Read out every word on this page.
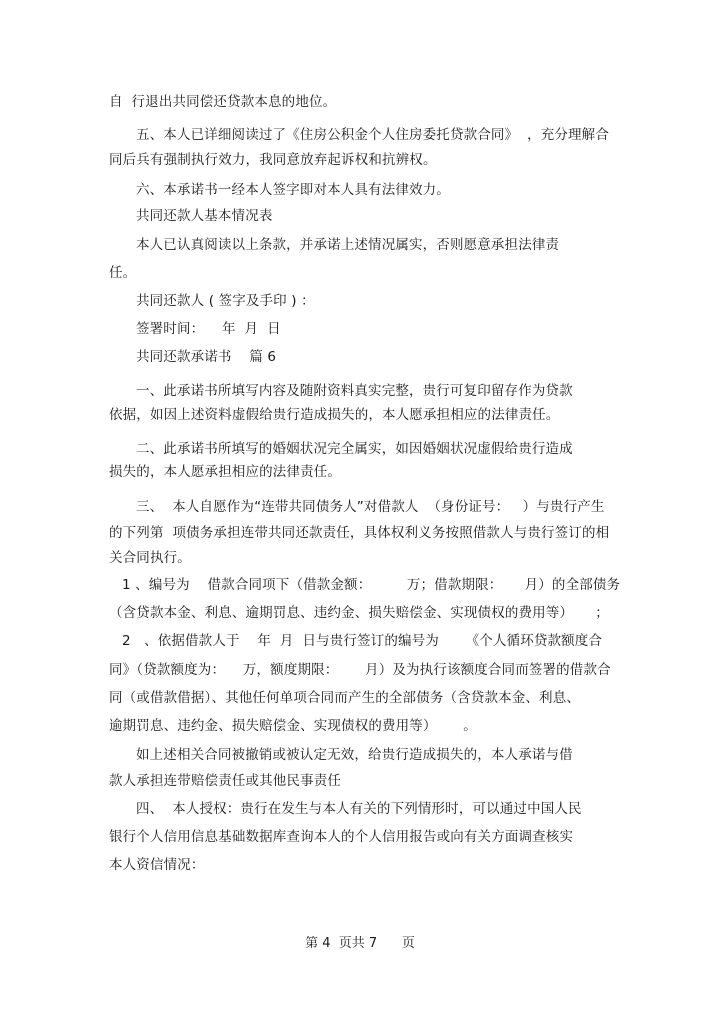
自  行退出共同偿还贷款本息的地位。
五、本人已详细阅读过了《住房公积金个人住房委托贷款合同》  ，充分理解合
同后兵有强制执行效力，我同意放弃起诉权和抗辨权。
六、本承诺书一经本人签字即对本人具有法律效力。
共同还款人基本情况表
本人已认真阅读以上条款，并承诺上述情况属实，否则愿意承担法律责
任。
共同还款人 ( 签字及手印 ) ：
签署时间：    年  月  日
共同还款承诺书    篇 6
一、此承诺书所填写内容及随附资料真实完整，贵行可复印留存作为贷款
依据，如因上述资料虚假给贵行造成损失的，本人愿承担相应的法律责任。
二、此承诺书所填写的婚姻状况完全属实，如因婚姻状况虚假给贵行造成
损失的，本人愿承担相应的法律责任。
三、  本人自愿作为“连带共同债务人”对借款人  （身份证号：   ）与贵行产生
的下列第  项债务承担连带共同还款责任，具体权利义务按照借款人与贵行签订的相
关合同执行。
1 、编号为    借款合同项下（借款金额：        万；借款期限：     月）的全部债务
（含贷款本金、利息、逾期罚息、违约金、损失赔偿金、实现债权的费用等）     ；
2   、依据借款人于    年  月  日与贵行签订的编号为      《个人循环贷款额度合
同》（贷款额度为：    万，额度期限：      月）及为执行该额度合同而签署的借款合
同（或借款借据）、其他任何单项合同而产生的全部债务（含贷款本金、利息、
逾期罚息、违约金、损失赔偿金、实现债权的费用等）      。
如上述相关合同被撤销或被认定无效，给贵行造成损失的，本人承诺与借
款人承担连带赔偿责任或其他民事责任
四、  本人授权：贵行在发生与本人有关的下列情形时，可以通过中国人民
银行个人信用信息基础数据库查询本人的个人信用报告或向有关方面调查核实
本人资信情况：
第 4  页共 7      页
